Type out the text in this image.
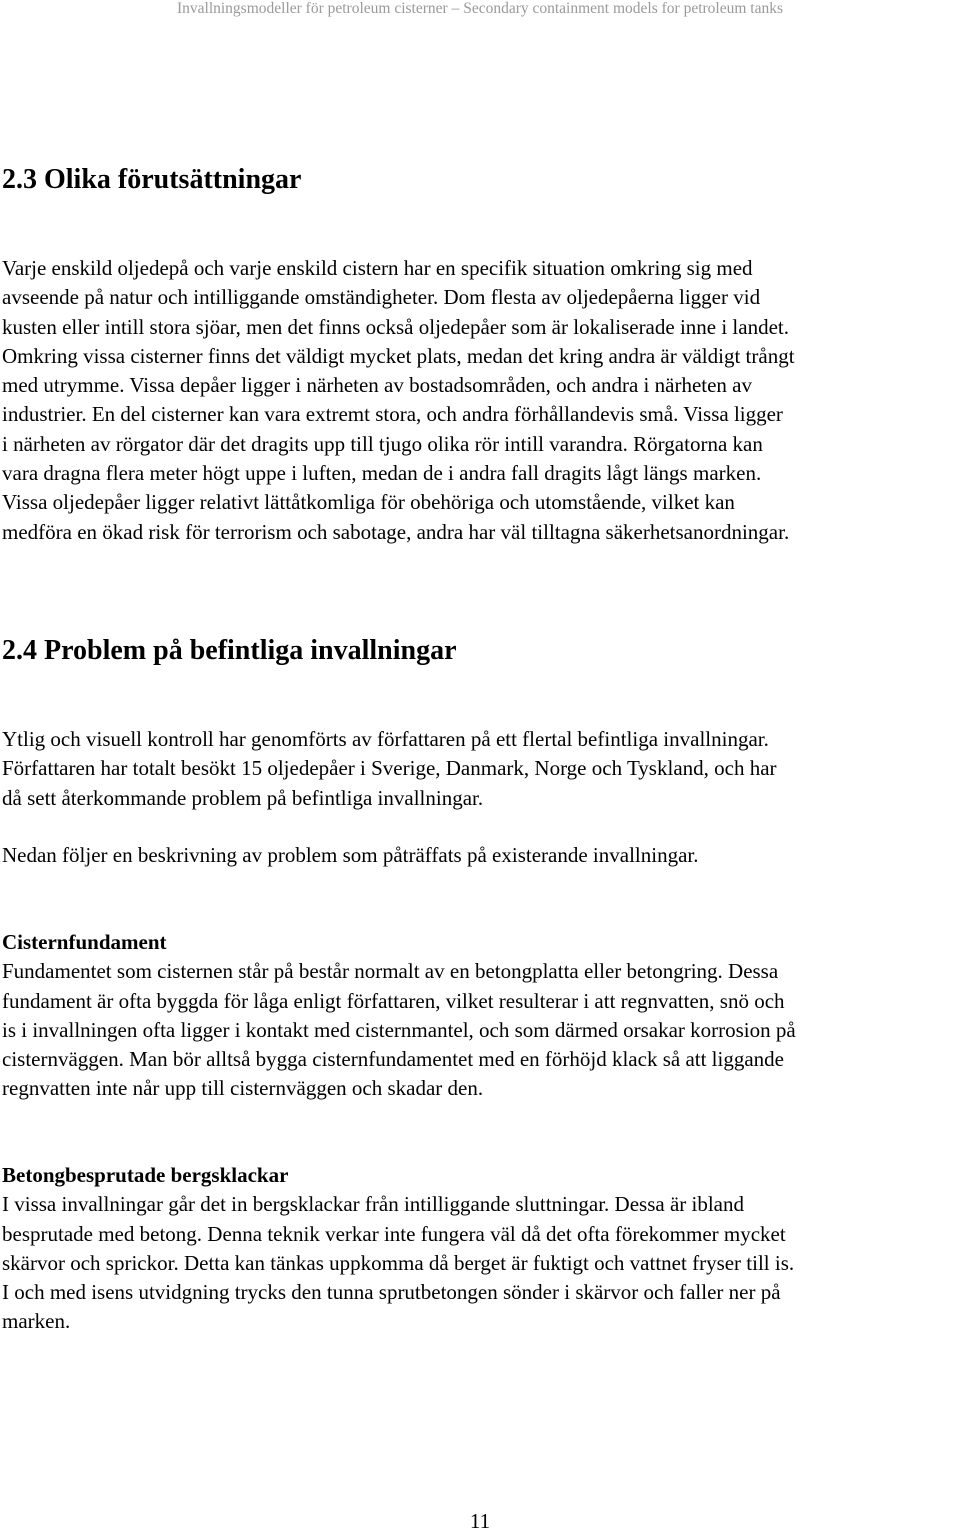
Invallningsmodeller för petroleum cisterner – Secondary containment models for petroleum tanks
2.3 Olika förutsättningar
Varje enskild oljedepå och varje enskild cistern har en specifik situation omkring sig med
avseende på natur och intilliggande omständigheter. Dom flesta av oljedepåerna ligger vid
kusten eller intill stora sjöar, men det finns också oljedepåer som är lokaliserade inne i landet.
Omkring vissa cisterner finns det väldigt mycket plats, medan det kring andra är väldigt trångt
med utrymme. Vissa depåer ligger i närheten av bostadsområden, och andra i närheten av
industrier. En del cisterner kan vara extremt stora, och andra förhållandevis små. Vissa ligger
i närheten av rörgator där det dragits upp till tjugo olika rör intill varandra. Rörgatorna kan
vara dragna flera meter högt uppe i luften, medan de i andra fall dragits lågt längs marken.
Vissa oljedepåer ligger relativt lättåtkomliga för obehöriga och utomstående, vilket kan
medföra en ökad risk för terrorism och sabotage, andra har väl tilltagna säkerhetsanordningar.
2.4 Problem på befintliga invallningar
Ytlig och visuell kontroll har genomförts av författaren på ett flertal befintliga invallningar.
Författaren har totalt besökt 15 oljedepåer i Sverige, Danmark, Norge och Tyskland, och har
då sett återkommande problem på befintliga invallningar.
Nedan följer en beskrivning av problem som påträffats på existerande invallningar.
Cisternfundament
Fundamentet som cisternen står på består normalt av en betongplatta eller betongring. Dessa
fundament är ofta byggda för låga enligt författaren, vilket resulterar i att regnvatten, snö och
is i invallningen ofta ligger i kontakt med cisternmantel, och som därmed orsakar korrosion på
cisternväggen. Man bör alltså bygga cisternfundamentet med en förhöjd klack så att liggande
regnvatten inte når upp till cisternväggen och skadar den.
Betongbesprutade bergsklackar
I vissa invallningar går det in bergsklackar från intilliggande sluttningar. Dessa är ibland
besprutade med betong. Denna teknik verkar inte fungera väl då det ofta förekommer mycket
skärvor och sprickor. Detta kan tänkas uppkomma då berget är fuktigt och vattnet fryser till is.
I och med isens utvidgning trycks den tunna sprutbetongen sönder i skärvor och faller ner på
marken.
11
